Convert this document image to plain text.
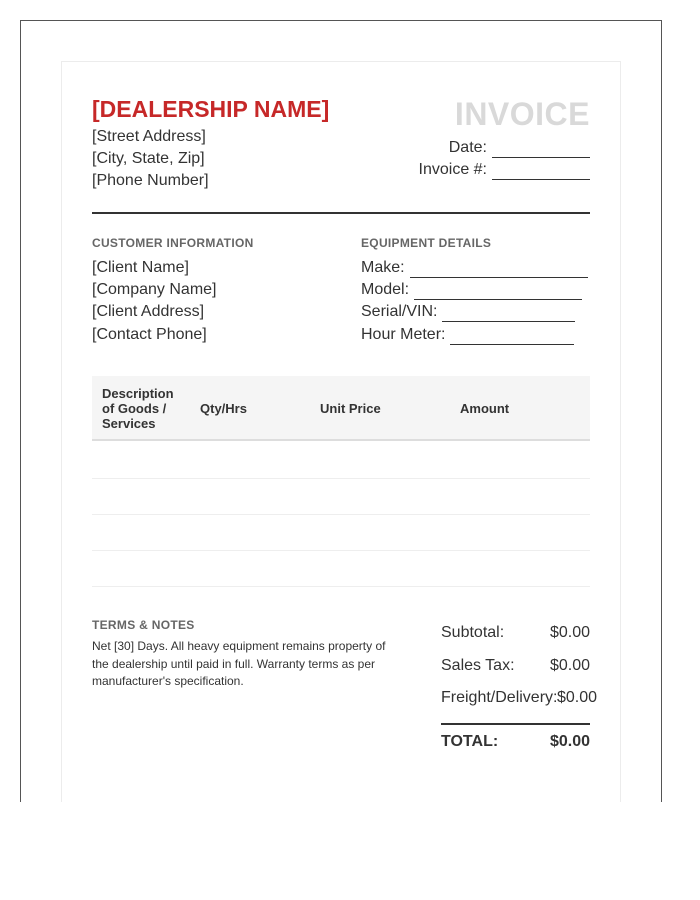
[DEALERSHIP NAME]
[Street Address]
[City, State, Zip]
[Phone Number]
INVOICE
Date:
Invoice #:
CUSTOMER INFORMATION
[Client Name]
[Company Name]
[Client Address]
[Contact Phone]
EQUIPMENT DETAILS
Make:
Model:
Serial/VIN:
Hour Meter:
Description of Goods / Services
Qty/Hrs	Unit Price	Amount
TERMS & NOTES
Net [30] Days. All heavy equipment remains property of the dealership until paid in full. Warranty terms as per manufacturer's specification.
Subtotal:	$0.00
Sales Tax: $0.00
Freight/Delivery: $0.00
TOTAL:	$0.00
